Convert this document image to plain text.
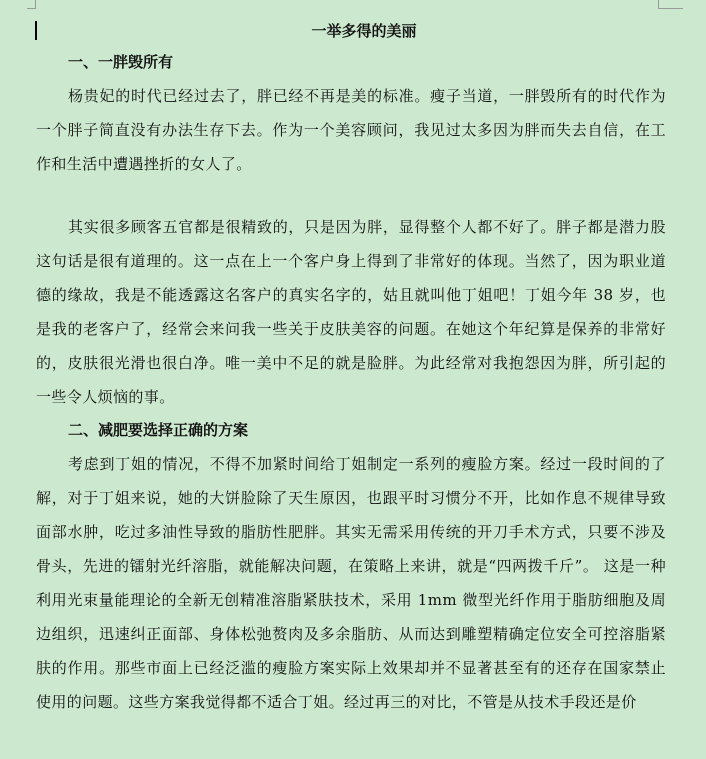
一举多得的美丽

一、一胖毁所有

杨贵妃的时代已经过去了，胖已经不再是美的标准。瘦子当道，一胖毁所有的时代作为一个胖子简直没有办法生存下去。作为一个美容顾问，我见过太多因为胖而失去自信，在工作和生活中遭遇挫折的女人了。

其实很多顾客五官都是很精致的，只是因为胖，显得整个人都不好了。胖子都是潜力股这句话是很有道理的。这一点在上一个客户身上得到了非常好的体现。当然了，因为职业道德的缘故，我是不能透露这名客户的真实名字的，姑且就叫他丁姐吧！丁姐今年 38 岁，也是我的老客户了，经常会来问我一些关于皮肤美容的问题。在她这个年纪算是保养的非常好的，皮肤很光滑也很白净。唯一美中不足的就是脸胖。为此经常对我抱怨因为胖，所引起的一些令人烦恼的事。

二、减肥要选择正确的方案

考虑到丁姐的情况，不得不加紧时间给丁姐制定一系列的瘦脸方案。经过一段时间的了解，对于丁姐来说，她的大饼脸除了天生原因，也跟平时习惯分不开，比如作息不规律导致面部水肿，吃过多油性导致的脂肪性肥胖。其实无需采用传统的开刀手术方式，只要不涉及骨头，先进的镭射光纤溶脂，就能解决问题，在策略上来讲，就是“四两拨千斤”。 这是一种利用光束量能理论的全新无创精准溶脂紧肤技术，采用 1mm 微型光纤作用于脂肪细胞及周边组织，迅速纠正面部、身体松弛赘肉及多余脂肪、从而达到雕塑精确定位安全可控溶脂紧肤的作用。那些市面上已经泛滥的瘦脸方案实际上效果却并不显著甚至有的还存在国家禁止使用的问题。这些方案我觉得都不适合丁姐。经过再三的对比，不管是从技术手段还是价
